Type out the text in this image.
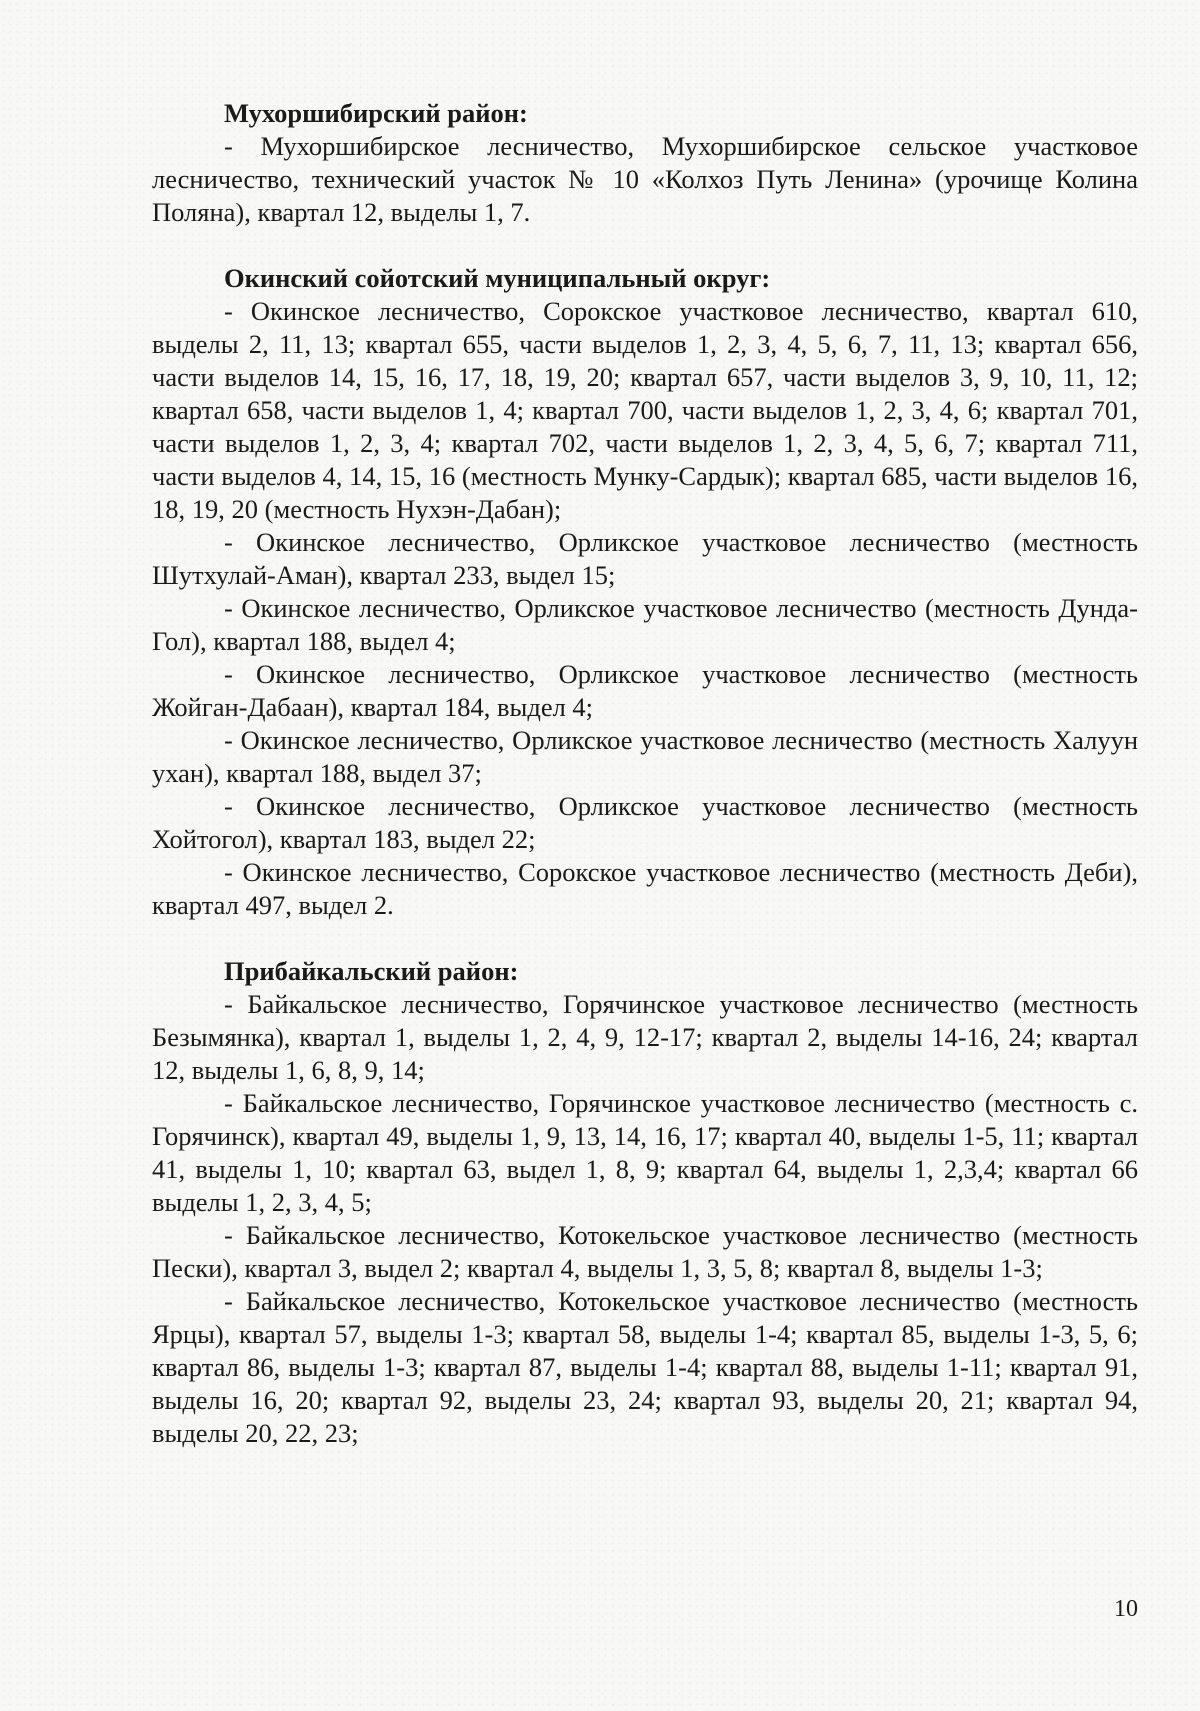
Мухоршибирский район:

- Мухоршибирское лесничество, Мухоршибирское сельское участковое лесничество, технический участок № 10 «Колхоз Путь Ленина» (урочище Колина Поляна), квартал 12, выделы 1, 7.

Окинский сойотский муниципальный округ:

- Окинское лесничество, Сорокское участковое лесничество, квартал 610, выделы 2, 11, 13; квартал 655, части выделов 1, 2, 3, 4, 5, 6, 7, 11, 13; квартал 656, части выделов 14, 15, 16, 17, 18, 19, 20; квартал 657, части выделов 3, 9, 10, 11, 12; квартал 658, части выделов 1, 4; квартал 700, части выделов 1, 2, 3, 4, 6; квартал 701, части выделов 1, 2, 3, 4; квартал 702, части выделов 1, 2, 3, 4, 5, 6, 7; квартал 711, части выделов 4, 14, 15, 16 (местность Мунку-Сардык); квартал 685, части выделов 16, 18, 19, 20 (местность Нухэн-Дабан);

- Окинское лесничество, Орликское участковое лесничество (местность Шутхулай-Аман), квартал 233, выдел 15;

- Окинское лесничество, Орликское участковое лесничество (местность Дунда-Гол), квартал 188, выдел 4;

- Окинское лесничество, Орликское участковое лесничество (местность Жойган-Дабаан), квартал 184, выдел 4;

- Окинское лесничество, Орликское участковое лесничество (местность Халуун ухан), квартал 188, выдел 37;

- Окинское лесничество, Орликское участковое лесничество (местность Хойтогол), квартал 183, выдел 22;

- Окинское лесничество, Сорокское участковое лесничество (местность Деби), квартал 497, выдел 2.

Прибайкальский район:

- Байкальское лесничество, Горячинское участковое лесничество (местность Безымянка), квартал 1, выделы 1, 2, 4, 9, 12-17; квартал 2, выделы 14-16, 24; квартал 12, выделы 1, 6, 8, 9, 14;

- Байкальское лесничество, Горячинское участковое лесничество (местность с. Горячинск), квартал 49, выделы 1, 9, 13, 14, 16, 17; квартал 40, выделы 1-5, 11; квартал 41, выделы 1, 10; квартал 63, выдел 1, 8, 9; квартал 64, выделы 1, 2,3,4; квартал 66 выделы 1, 2, 3, 4, 5;

- Байкальское лесничество, Котокельское участковое лесничество (местность Пески), квартал 3, выдел 2; квартал 4, выделы 1, 3, 5, 8; квартал 8, выделы 1-3;

- Байкальское лесничество, Котокельское участковое лесничество (местность Ярцы), квартал 57, выделы 1-3; квартал 58, выделы 1-4; квартал 85, выделы 1-3, 5, 6; квартал 86, выделы 1-3; квартал 87, выделы 1-4; квартал 88, выделы 1-11; квартал 91, выделы 16, 20; квартал 92, выделы 23, 24; квартал 93, выделы 20, 21; квартал 94, выделы 20, 22, 23;

10
